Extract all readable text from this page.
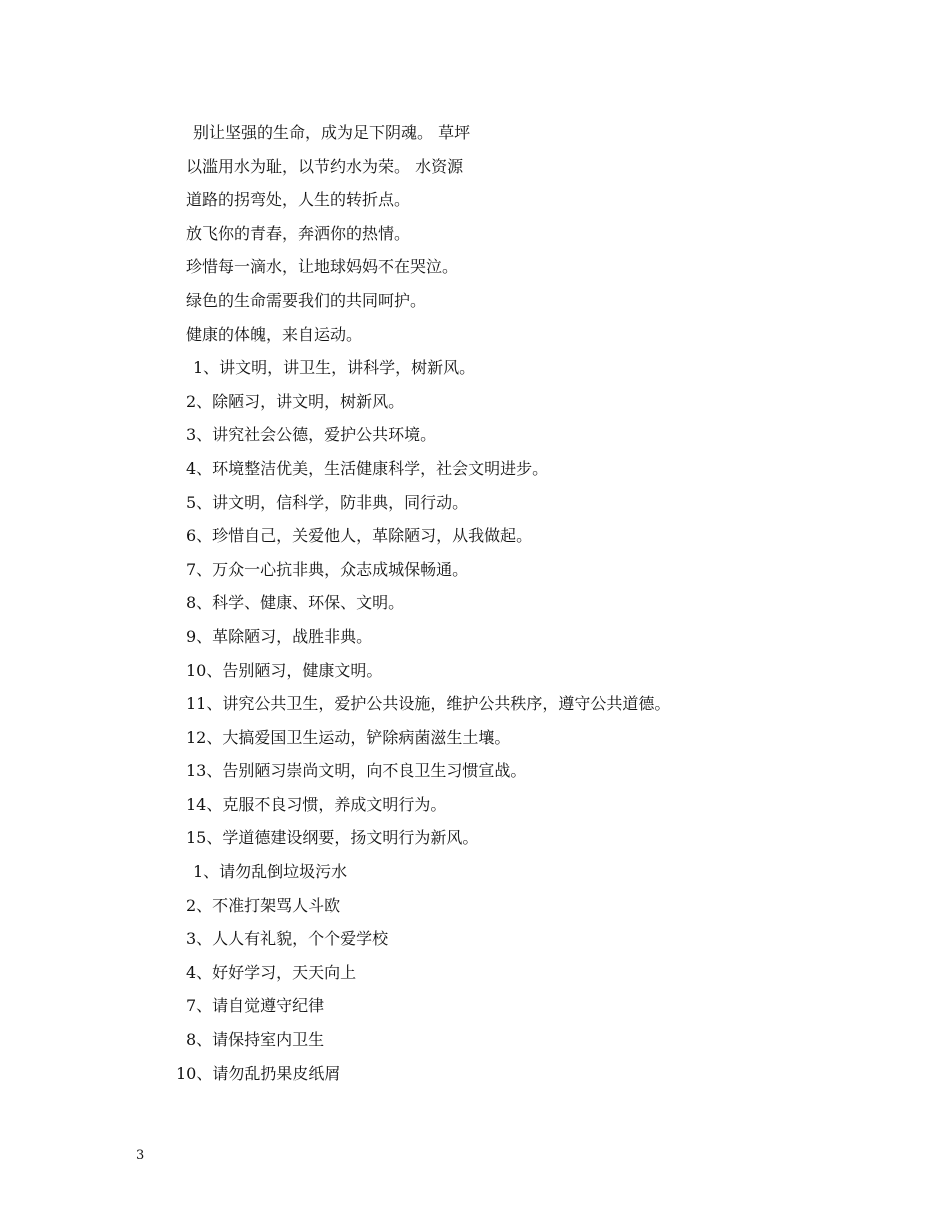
别让坚强的生命，成为足下阴魂。 草坪
以滥用水为耻，以节约水为荣。 水资源
道路的拐弯处，人生的转折点。
放飞你的青春，奔洒你的热情。
珍惜每一滴水，让地球妈妈不在哭泣。
绿色的生命需要我们的共同呵护。
健康的体魄，来自运动。
1、讲文明，讲卫生，讲科学，树新风。
2、除陋习，讲文明，树新风。
3、讲究社会公德，爱护公共环境。
4、环境整洁优美，生活健康科学，社会文明进步。
5、讲文明，信科学，防非典，同行动。
6、珍惜自己，关爱他人，革除陋习，从我做起。
7、万众一心抗非典，众志成城保畅通。
8、科学、健康、环保、文明。
9、革除陋习，战胜非典。
10、告别陋习，健康文明。
11、讲究公共卫生，爱护公共设施，维护公共秩序，遵守公共道德。
12、大搞爱国卫生运动，铲除病菌滋生土壤。
13、告别陋习崇尚文明，向不良卫生习惯宣战。
14、克服不良习惯，养成文明行为。
15、学道德建设纲要，扬文明行为新风。
1、请勿乱倒垃圾污水
2、不准打架骂人斗欧
3、人人有礼貌，个个爱学校
4、好好学习，天天向上
7、请自觉遵守纪律
8、请保持室内卫生
10、请勿乱扔果皮纸屑
3
